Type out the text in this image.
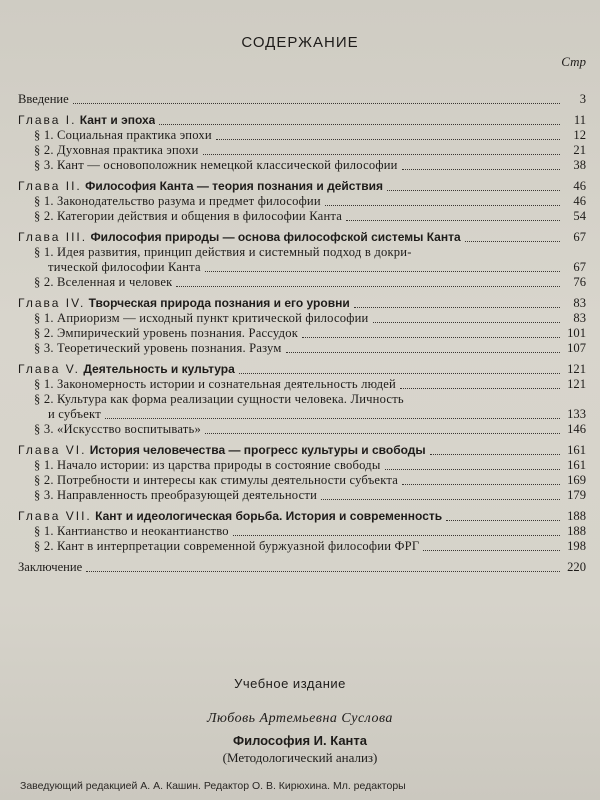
СОДЕРЖАНИЕ
Стр
Введение	3
Глава I. Кант и эпоха	11
§ 1. Социальная практика эпохи	12
§ 2. Духовная практика эпохи	21
§ 3. Кант — основоположник немецкой классической философии	38
Глава II. Философия Канта — теория познания и действия	46
§ 1. Законодательство разума и предмет философии	46
§ 2. Категории действия и общения в философии Канта	54
Глава III. Философия природы — основа философской системы Канта	67
§ 1. Идея развития, принцип действия и системный подход в докри-
тической философии Канта	67
§ 2. Вселенная и человек	76
Глава IV. Творческая природа познания и его уровни	83
§ 1. Априоризм — исходный пункт критической философии	83
§ 2. Эмпирический уровень познания. Рассудок	101
§ 3. Теоретический уровень познания. Разум	107
Глава V. Деятельность и культура	121
§ 1. Закономерность истории и сознательная деятельность людей	121
§ 2. Культура как форма реализации сущности человека. Личность
и субъект	133
§ 3. «Искусство воспитывать»	146
Глава VI. История человечества — прогресс культуры и свободы	161
§ 1. Начало истории: из царства природы в состояние свободы	161
§ 2. Потребности и интересы как стимулы деятельности субъекта	169
§ 3. Направленность преобразующей деятельности	179
Глава VII. Кант и идеологическая борьба. История и современность	188
§ 1. Кантианство и неокантианство	188
§ 2. Кант в интерпретации современной буржуазной философии ФРГ	198
Заключение	220
Учебное издание
Любовь Артемьевна Суслова
Философия И. Канта
(Методологический анализ)
Заведующий редакцией А. А. Кашин. Редактор О. В. Кирюхина. Мл. редакторы
